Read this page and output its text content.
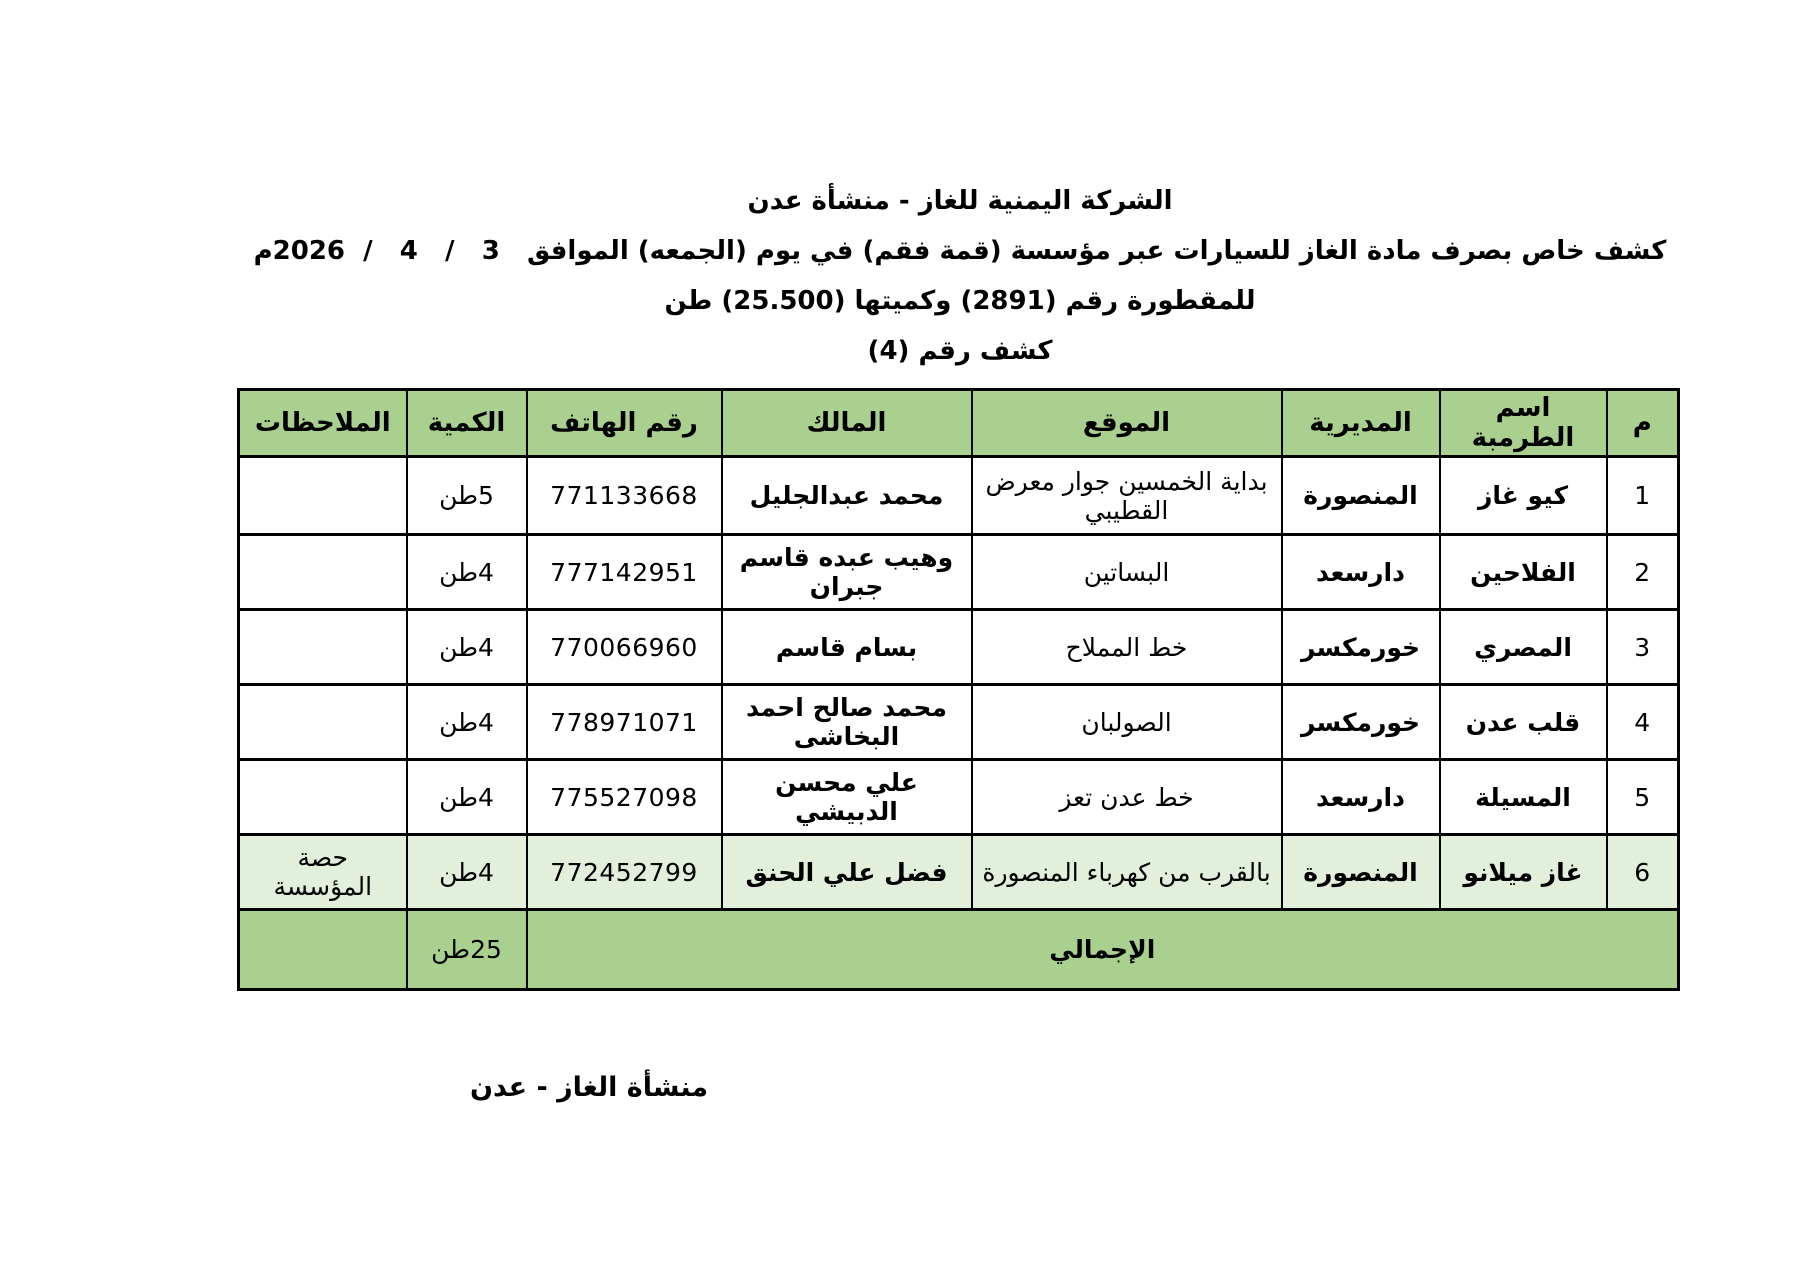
الشركة اليمنية للغاز - منشأة عدن
كشف خاص بصرف مادة الغاز للسيارات عبر مؤسسة (قمة فقم) في يوم (الجمعه) الموافق   3   /   4   /  2026م
للمقطورة رقم (2891) وكميتها (25.500) طن
كشف رقم (4)
م	اسم الطرمبة	المديرية	الموقع	المالك	رقم الهاتف	الكمية	الملاحظات
1	كيو غاز	المنصورة	بداية الخمسين جوار معرض القطيبي	محمد عبدالجليل	771133668	5طن	
2	الفلاحين	دارسعد	البساتين	وهيب عبده قاسم جبران	777142951	4طن	
3	المصري	خورمكسر	خط المملاح	بسام قاسم	770066960	4طن	
4	قلب عدن	خورمكسر	الصولبان	محمد صالح احمد البخاشى	778971071	4طن	
5	المسيلة	دارسعد	خط عدن تعز	علي محسن الدبيشي	775527098	4طن	
6	غاز ميلانو	المنصورة	بالقرب من كهرباء المنصورة	فضل علي الحنق	772452799	4طن	حصة المؤسسة
الإجمالي						25طن	
منشأة الغاز - عدن
